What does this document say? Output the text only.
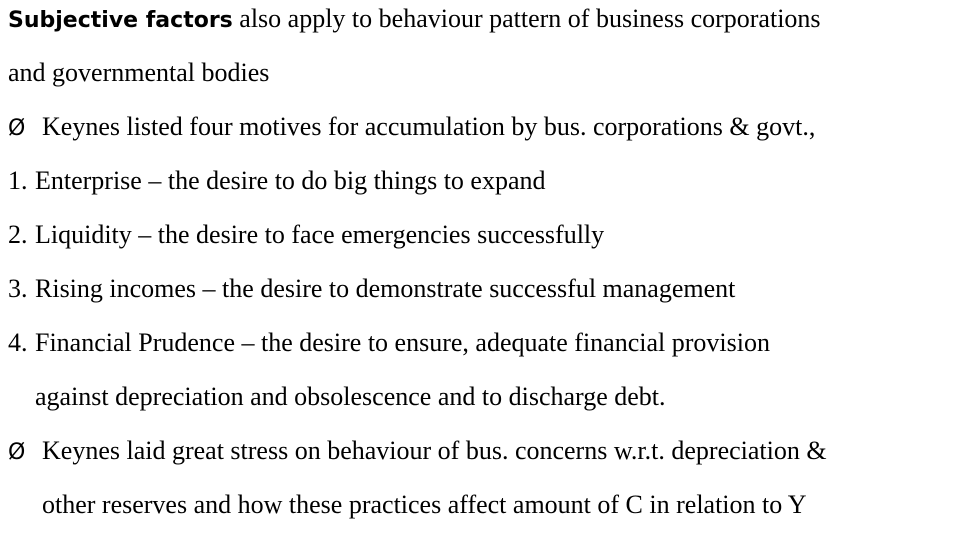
Subjective factors also apply to behaviour pattern of business corporations
and governmental bodies
Ø Keynes listed four motives for accumulation by bus. corporations & govt.,
1. Enterprise – the desire to do big things to expand
2. Liquidity – the desire to face emergencies successfully
3. Rising incomes – the desire to demonstrate successful management
4. Financial Prudence – the desire to ensure, adequate financial provision
against depreciation and obsolescence and to discharge debt.
Ø Keynes laid great stress on behaviour of bus. concerns w.r.t. depreciation &
other reserves and how these practices affect amount of C in relation to Y
